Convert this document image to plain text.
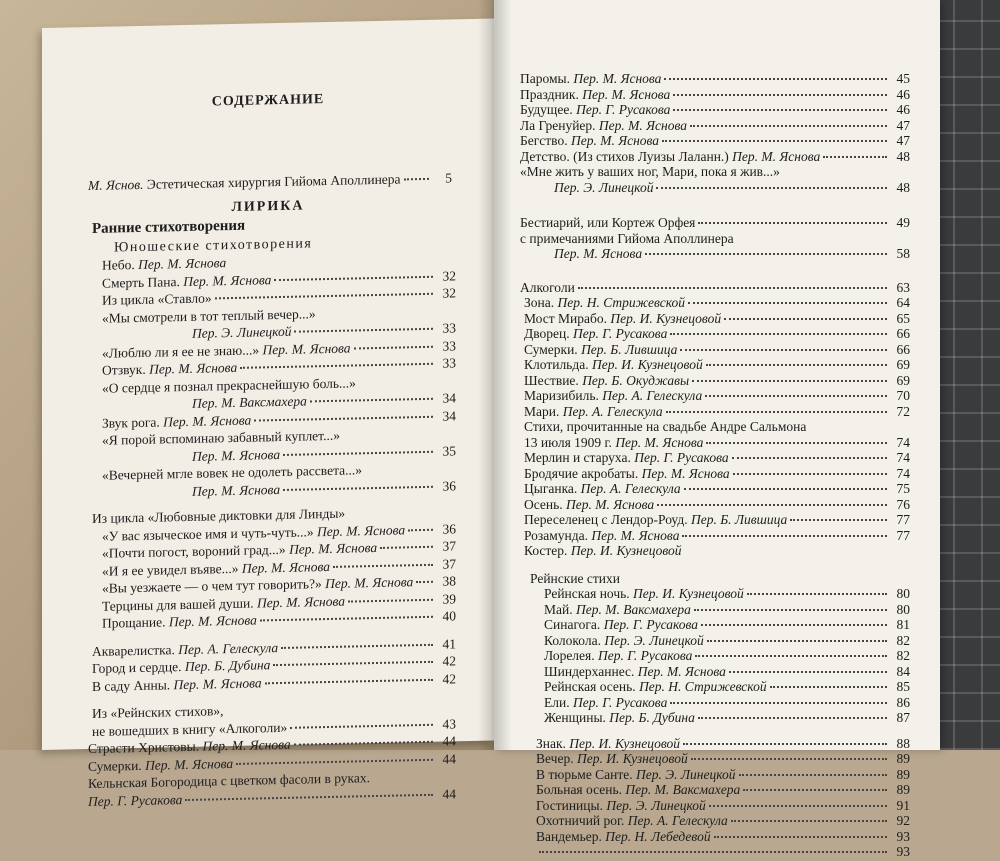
СОДЕРЖАНИЕ
М. Яснов. Эстетическая хирургия Гийома Аполлинера	5
ЛИРИКА
Ранние стихотворения
Юношеские стихотворения
Небо. Пер. М. Яснова
Смерть Пана. Пер. М. Яснова	32
Из цикла «Ставло»	32
«Мы смотрели в тот теплый вечер...»
Пер. Э. Линецкой	33
«Люблю ли я ее не знаю...» Пер. М. Яснова	33
Отзвук. Пер. М. Яснова	33
«О сердце я познал прекраснейшую боль...»
Пер. М. Ваксмахера	34
Звук рога. Пер. М. Яснова	34
«Я порой вспоминаю забавный куплет...»
Пер. М. Яснова	35
«Вечерней мгле вовек не одолеть рассвета...»
Пер. М. Яснова	36
Из цикла «Любовные диктовки для Линды»
«У вас языческое имя и чуть-чуть...» Пер. М. Яснова	36
«Почти погост, вороний град...» Пер. М. Яснова	37
«И я ее увидел въяве...» Пер. М. Яснова	37
«Вы уезжаете — о чем тут говорить?» Пер. М. Яснова	38
Терцины для вашей души. Пер. М. Яснова	39
Прощание. Пер. М. Яснова	40
Акварелистка. Пер. А. Гелескула	41
Город и сердце. Пер. Б. Дубина	42
В саду Анны. Пер. М. Яснова	42
Из «Рейнских стихов»,
не вошедших в книгу «Алкоголи»	43
Страсти Христовы. Пер. М. Яснова	44
Сумерки. Пер. М. Яснова	44
Кельнская Богородица с цветком фасоли в руках.
Пер. Г. Русакова	44
Паромы. Пер. М. Яснова	45
Праздник. Пер. М. Яснова	46
Будущее. Пер. Г. Русакова	46
Ла Гренуйер. Пер. М. Яснова	47
Бегство. Пер. М. Яснова	47
Детство. (Из стихов Луизы Лаланн.) Пер. М. Яснова	48
«Мне жить у ваших ног, Мари, пока я жив...»
Пер. Э. Линецкой	48
Бестиарий, или Кортеж Орфея	49
с примечаниями Гийома Аполлинера
Пер. М. Яснова	58
Алкоголи	63
Зона. Пер. Н. Стрижевской	64
Мост Мирабо. Пер. И. Кузнецовой	65
Дворец. Пер. Г. Русакова	66
Сумерки. Пер. Б. Лившица	66
Клотильда. Пер. И. Кузнецовой	69
Шествие. Пер. Б. Окуджавы	69
Маризибиль. Пер. А. Гелескула	70
Мари. Пер. А. Гелескула	72
Стихи, прочитанные на свадьбе Андре Сальмона
13 июля 1909 г. Пер. М. Яснова	74
Мерлин и старуха. Пер. Г. Русакова	74
Бродячие акробаты. Пер. М. Яснова	74
Цыганка. Пер. А. Гелескула	75
Осень. Пер. М. Яснова	76
Переселенец с Лендор-Роуд. Пер. Б. Лившица	77
Розамунда. Пер. М. Яснова	77
Костер. Пер. И. Кузнецовой
Рейнские стихи
Рейнская ночь. Пер. И. Кузнецовой	80
Май. Пер. М. Ваксмахера	80
Синагога. Пер. Г. Русакова	81
Колокола. Пер. Э. Линецкой	82
Лорелея. Пер. Г. Русакова	82
Шиндерханнес. Пер. М. Яснова	84
Рейнская осень. Пер. Н. Стрижевской	85
Ели. Пер. Г. Русакова	86
Женщины. Пер. Б. Дубина	87
Знак. Пер. И. Кузнецовой	88
Вечер. Пер. И. Кузнецовой	89
В тюрьме Санте. Пер. Э. Линецкой	89
Больная осень. Пер. М. Ваксмахера	89
Гостиницы. Пер. Э. Линецкой	91
Охотничий рог. Пер. А. Гелескула	92
Вандемьер. Пер. Н. Лебедевой	93
93
